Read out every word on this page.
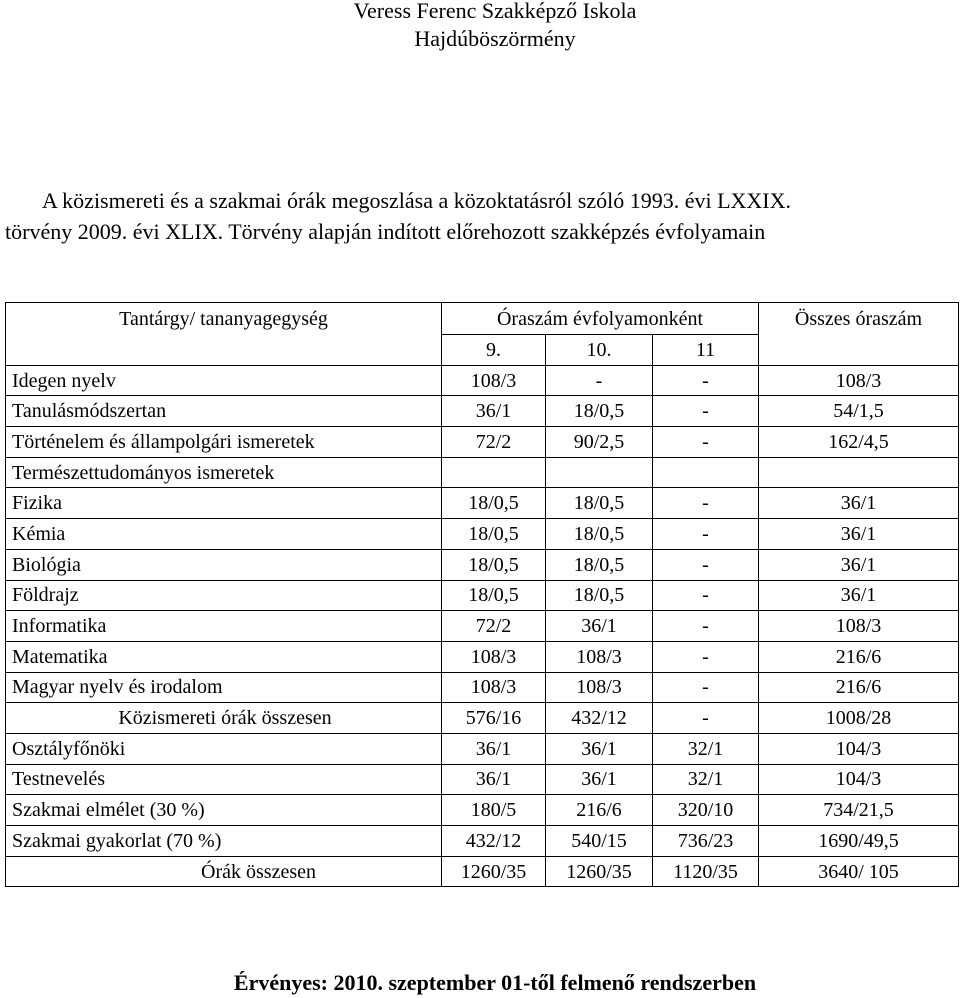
Veress Ferenc Szakképző Iskola
Hajdúböszörmény
A közismereti és a szakmai órák megoszlása a közoktatásról szóló 1993. évi LXXIX.
törvény 2009. évi XLIX. Törvény alapján indított előrehozott szakképzés évfolyamain
Tantárgy/ tananyagegység	Óraszám évfolyamonként			Összes óraszám
	9.	10.	11	
Idegen nyelv	108/3	-	-	108/3
Tanulásmódszertan	36/1	18/0,5	-	54/1,5
Történelem és állampolgári ismeretek	72/2	90/2,5	-	162/4,5
Természettudományos ismeretek				
Fizika	18/0,5	18/0,5	-	36/1
Kémia	18/0,5	18/0,5	-	36/1
Biológia	18/0,5	18/0,5	-	36/1
Földrajz	18/0,5	18/0,5	-	36/1
Informatika	72/2	36/1	-	108/3
Matematika	108/3	108/3	-	216/6
Magyar nyelv és irodalom	108/3	108/3	-	216/6
Közismereti órák összesen	576/16	432/12	-	1008/28
Osztályfőnöki	36/1	36/1	32/1	104/3
Testnevelés	36/1	36/1	32/1	104/3
Szakmai elmélet (30 %)	180/5	216/6	320/10	734/21,5
Szakmai gyakorlat (70 %)	432/12	540/15	736/23	1690/49,5
Órák összesen	1260/35	1260/35	1120/35	3640/ 105
Érvényes: 2010. szeptember 01-től felmenő rendszerben
